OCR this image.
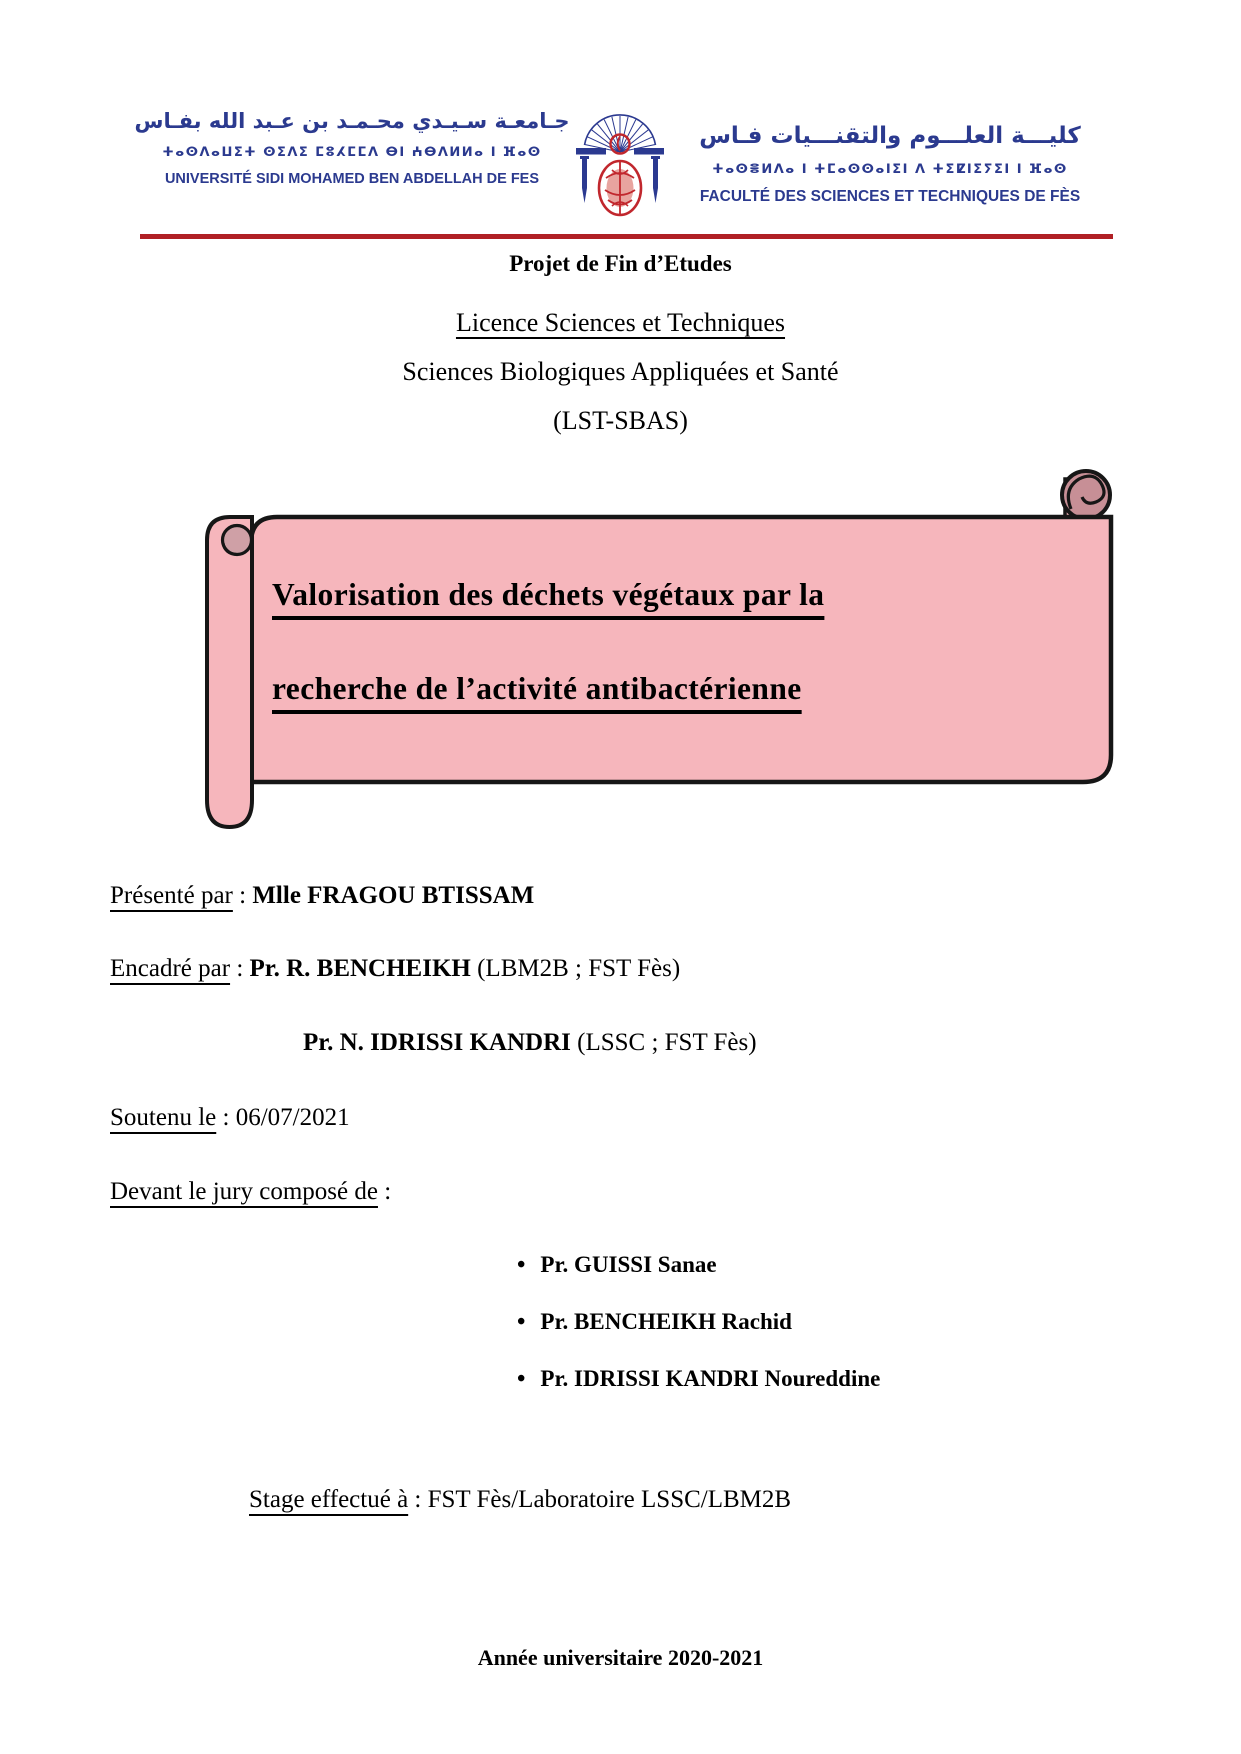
جـامعـة سـيـدي محـمـد بن عـبد الله بفـاس
ⵜⴰⵙⴷⴰⵡⵉⵜ ⵙⵉⴷⵉ ⵎⵓⵃⵎⵎⴷ ⴱⵏ ⵄⴱⴷⵍⵍⴰ ⵏ ⴼⴰⵙ
UNIVERSITÉ SIDI MOHAMED BEN ABDELLAH DE FES
كليـــة العلـــوم والتقنـــيات فـاس
ⵜⴰⵙⴻⵍⴷⴰ ⵏ ⵜⵎⴰⵙⵙⴰⵏⵉⵏ ⴷ ⵜⵉⵇⵏⵉⵢⵉⵏ ⵏ ⴼⴰⵙ
FACULTÉ DES SCIENCES ET TECHNIQUES DE FÈS
Projet de Fin d’Etudes
Licence Sciences et Techniques
Sciences Biologiques Appliquées et Santé
(LST-SBAS)
Valorisation des déchets végétaux par la
recherche de l’activité antibactérienne
Présenté par : Mlle FRAGOU BTISSAM
Encadré par : Pr. R. BENCHEIKH (LBM2B ; FST Fès)
Pr. N. IDRISSI KANDRI (LSSC ; FST Fès)
Soutenu le : 06/07/2021
Devant le jury composé de :
• Pr. GUISSI Sanae
• Pr. BENCHEIKH Rachid
• Pr. IDRISSI KANDRI Noureddine
Stage effectué à : FST Fès/Laboratoire LSSC/LBM2B
Année universitaire 2020-2021
